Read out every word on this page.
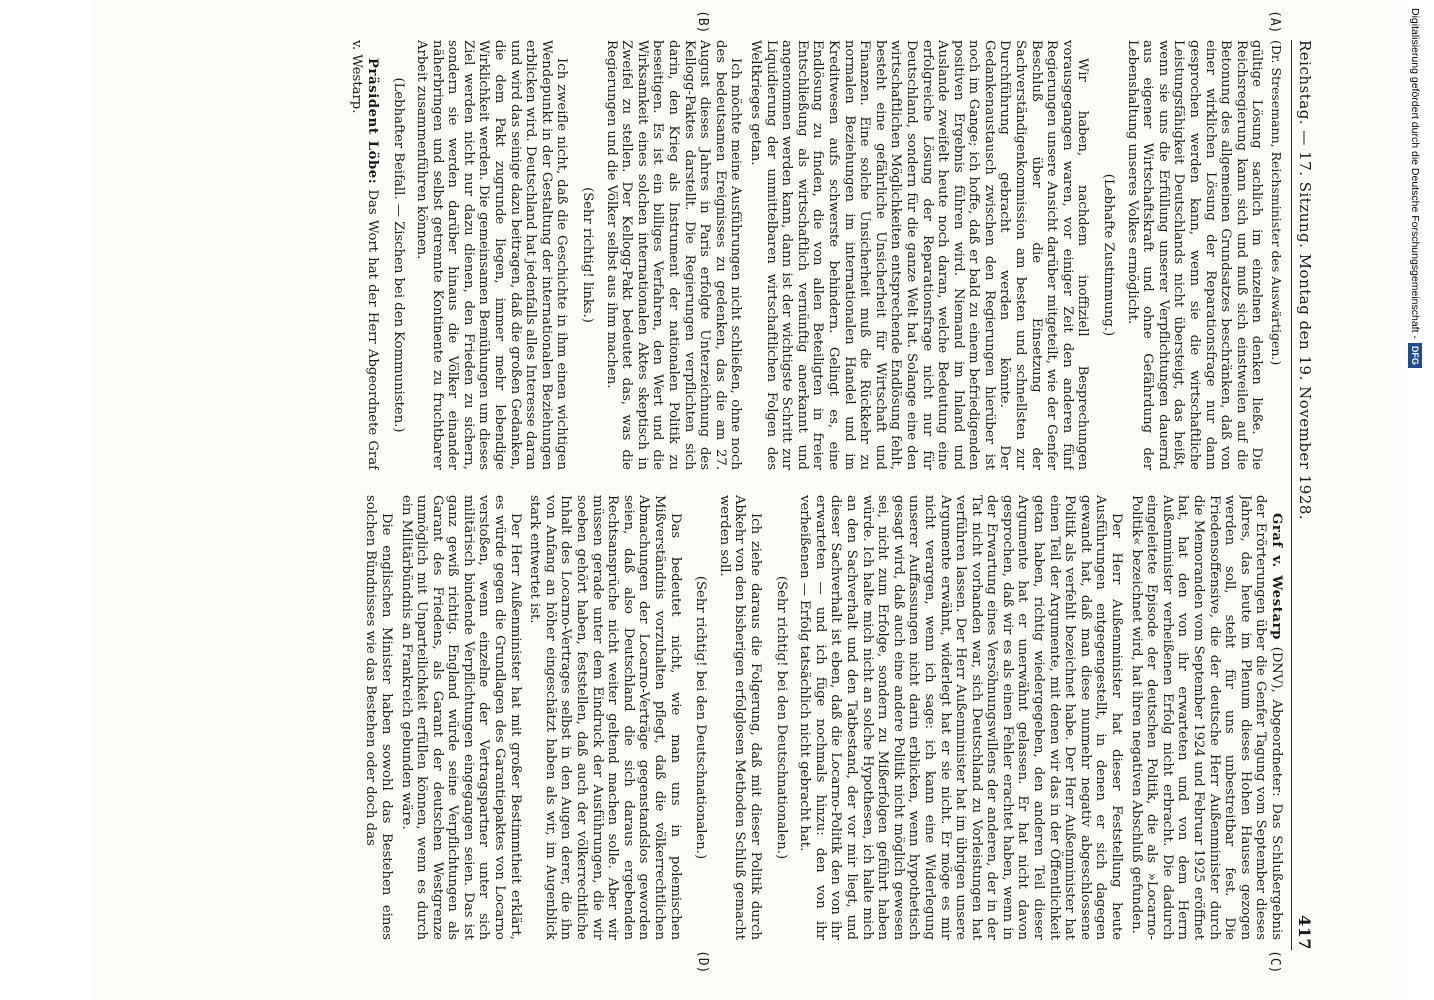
Reichstag. — 17. Sitzung. Montag den 19. November 1928.
417
(A)
(B)
(C)
(D)

(Dr. Stresemann, Reichsminister des Auswärtigen.)

gültige Lösung sachlich im einzelnen denken ließe. Die Reichsregierung kann sich und muß sich einstweilen auf die Betonung des allgemeinen Grundsatzes beschränken, daß von einer wirklichen Lösung der Reparationsfrage nur dann gesprochen werden kann, wenn sie die wirtschaftliche Leistungsfähigkeit Deutschlands nicht übersteigt, das heißt, wenn sie uns die Erfüllung unserer Verpflichtungen dauernd aus eigener Wirtschaftskraft und ohne Gefährdung der Lebenshaltung unseres Volkes ermöglicht.

(Lebhafte Zustimmung.)

Wir haben, nachdem inoffiziell Besprechungen vorausgegangen waren, vor einiger Zeit den anderen fünf Regierungen unsere Ansicht darüber mitgeteilt, wie der Genfer Beschluß über die Einsetzung der Sachverständigenkommission am besten und schnellsten zur Durchführung gebracht werden könnte. Der Gedankenaustausch zwischen den Regierungen hierüber ist noch im Gange; ich hoffe, daß er bald zu einem befriedigenden positiven Ergebnis führen wird. Niemand im Inland und Auslande zweifelt heute noch daran, welche Bedeutung eine erfolgreiche Lösung der Reparationsfrage nicht nur für Deutschland, sondern für die ganze Welt hat. Solange eine den wirtschaftlichen Möglichkeiten entsprechende Endlösung fehlt, besteht eine gefährliche Unsicherheit für Wirtschaft und Finanzen. Eine solche Unsicherheit muß die Rückkehr zu normalen Beziehungen im internationalen Handel und im Kreditwesen aufs schwerste behindern. Gelingt es, eine Endlösung zu finden, die von allen Beteiligten in freier Entschließung als wirtschaftlich vernünftig anerkannt und angenommen werden kann, dann ist der wichtigste Schritt zur Liquidierung der unmittelbaren wirtschaftlichen Folgen des Weltkrieges getan.

Ich möchte meine Ausführungen nicht schließen, ohne noch des bedeutsamen Ereignisses zu gedenken, das die am 27. August dieses Jahres in Paris erfolgte Unterzeichnung des Kellogg-Paktes darstellt. Die Regierungen verpflichten sich darin, den Krieg als Instrument der nationalen Politik zu beseitigen. Es ist ein billiges Verfahren, den Wert und die Wirksamkeit eines solchen internationalen Aktes skeptisch in Zweifel zu stellen. Der Kellogg-Pakt bedeutet das, was die Regierungen und die Völker selbst aus ihm machen.

(Sehr richtig! links.)

Ich zweifle nicht, daß die Geschichte in ihm einen wichtigen Wendepunkt in der Gestaltung der internationalen Beziehungen erblicken wird. Deutschland hat jedenfalls alles Interesse daran und wird das seinige dazu beitragen, daß die großen Gedanken, die dem Pakt zugrunde liegen, immer mehr lebendige Wirklichkeit werden. Die gemeinsamen Bemühungen um dieses Ziel werden nicht nur dazu dienen, den Frieden zu sichern, sondern sie werden darüber hinaus die Völker einander näherbringen und selbst getrennte Kontinente zu fruchtbarer Arbeit zusammenführen können.

(Lebhafter Beifall. — Zischen bei den Kommunisten.)

Präsident Löbe: Das Wort hat der Herr Abgeordnete Graf v. Westarp.

Graf v. Westarp (DNV), Abgeordneter: Das Schlußergebnis der Erörterungen über die Genfer Tagung vom September dieses Jahres, das heute im Plenum dieses Hohen Hauses gezogen werden soll, steht für uns unbestreitbar fest. Die Friedensoffensive, die der deutsche Herr Außenminister durch die Memoranden vom September 1924 und Februar 1925 eröffnet hat, hat den von ihr erwarteten und von dem Herrn Außenminister verheißenen Erfolg nicht erbracht. Die dadurch eingeleitete Episode der deutschen Politik, die als »Locarno-Politik« bezeichnet wird, hat ihren negativen Abschluß gefunden.

Der Herr Außenminister hat dieser Feststellung heute Ausführungen entgegengestellt, in denen er sich dagegen gewandt hat, daß man diese nunmehr negativ abgeschlossene Politik als verfehlt bezeichnet habe. Der Herr Außenminister hat einen Teil der Argumente, mit denen wir das in der Öffentlichkeit getan haben, richtig wiedergegeben, den anderen Teil dieser Argumente hat er unerwähnt gelassen. Er hat nicht davon gesprochen, daß wir es als einen Fehler erachtet haben, wenn in der Erwartung eines Versöhnungswillens der anderen, der in der Tat nicht vorhanden war, sich Deutschland zu Vorleistungen hat verführen lassen. Der Herr Außenminister hat im übrigen unsere Argumente erwähnt, widerlegt hat er sie nicht. Er möge es mir nicht verargen, wenn ich sage: ich kann eine Widerlegung unserer Auffassungen nicht darin erblicken, wenn hypothetisch gesagt wird, daß auch eine andere Politik nicht möglich gewesen sei, nicht zum Erfolge, sondern zu Mißerfolgen geführt haben würde. Ich halte mich nicht an solche Hypothesen, ich halte mich an den Sachverhalt und den Tatbestand, der vor mir liegt, und dieser Sachverhalt ist eben, daß die Locarno-Politik den von ihr erwarteten — und ich füge nochmals hinzu: den von ihr verheißenen — Erfolg tatsächlich nicht gebracht hat.

(Sehr richtig! bei den Deutschnationalen.)

Ich ziehe daraus die Folgerung, daß mit dieser Politik durch Abkehr von den bisherigen erfolglosen Methoden Schluß gemacht werden soll.

(Sehr richtig! bei den Deutschnationalen.)

Das bedeutet nicht, wie man uns in polemischen Mißverständnis vorzuhalten pflegt, daß die völkerrechtlichen Abmachungen der Locarno-Verträge gegenstandslos geworden seien, daß also Deutschland die sich daraus ergebenden Rechtsansprüche nicht weiter geltend machen solle. Aber wir müssen gerade unter dem Eindruck der Ausführungen, die wir soeben gehört haben, feststellen, daß auch der völkerrechtliche Inhalt des Locarno-Vertrages selbst in den Augen derer, die ihn von Anfang an höher eingeschätzt haben als wir, im Augenblick stark entwertet ist.

Der Herr Außenminister hat mit großer Bestimmtheit erklärt, es würde gegen die Grundlagen des Garantiepaktes von Locarno verstoßen, wenn einzelne der Vertragspartner unter sich militärisch bindende Verpflichtungen eingegangen seien. Das ist ganz gewiß richtig. England würde seine Verpflichtungen als Garant des Friedens, als Garant der deutschen Westgrenze unmöglich mit Unparteilichkeit erfüllen können, wenn es durch ein Militärbündnis an Frankreich gebunden wäre.

Die englischen Minister haben sowohl das Bestehen eines solchen Bündnisses wie das Bestehen oder doch das

Digitalisierung gefördert durch die Deutsche Forschungsgemeinschaft -DFG
